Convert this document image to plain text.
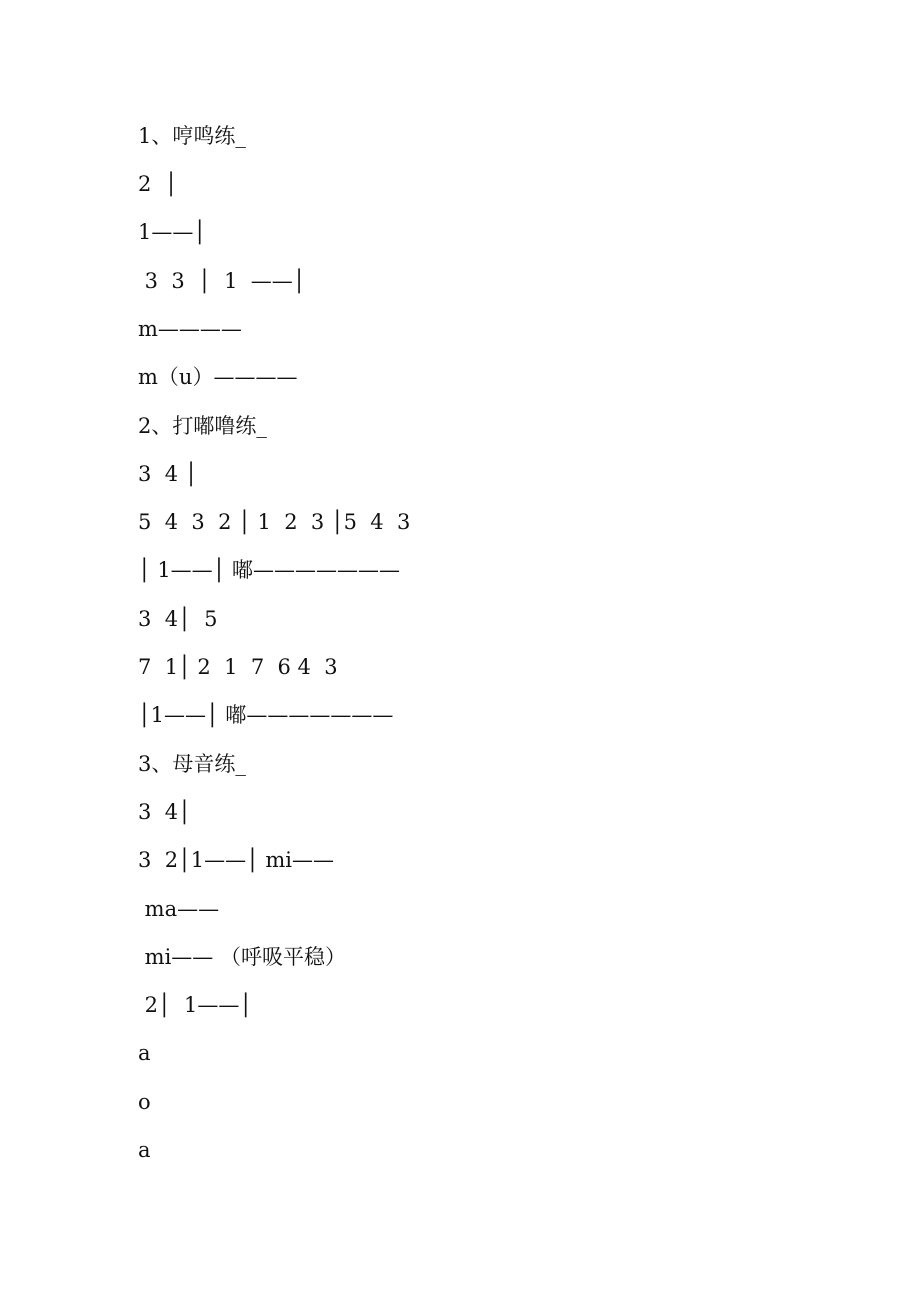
1、哼鸣练_
2  │
1——│
3  3  │  1  ——│
m————
m（u）————
2、打嘟噜练_
3  4 │
5  4  3  2 │ 1  2  3 │5  4  3
│ 1——│ 嘟———————
3  4│  5
7  1│ 2  1  7  6 4  3
│1——│ 嘟———————
3、母音练_
3  4│
3  2│1——│ mi——
ma——
mi—— （呼吸平稳）
2│  1——│
a
o
a
